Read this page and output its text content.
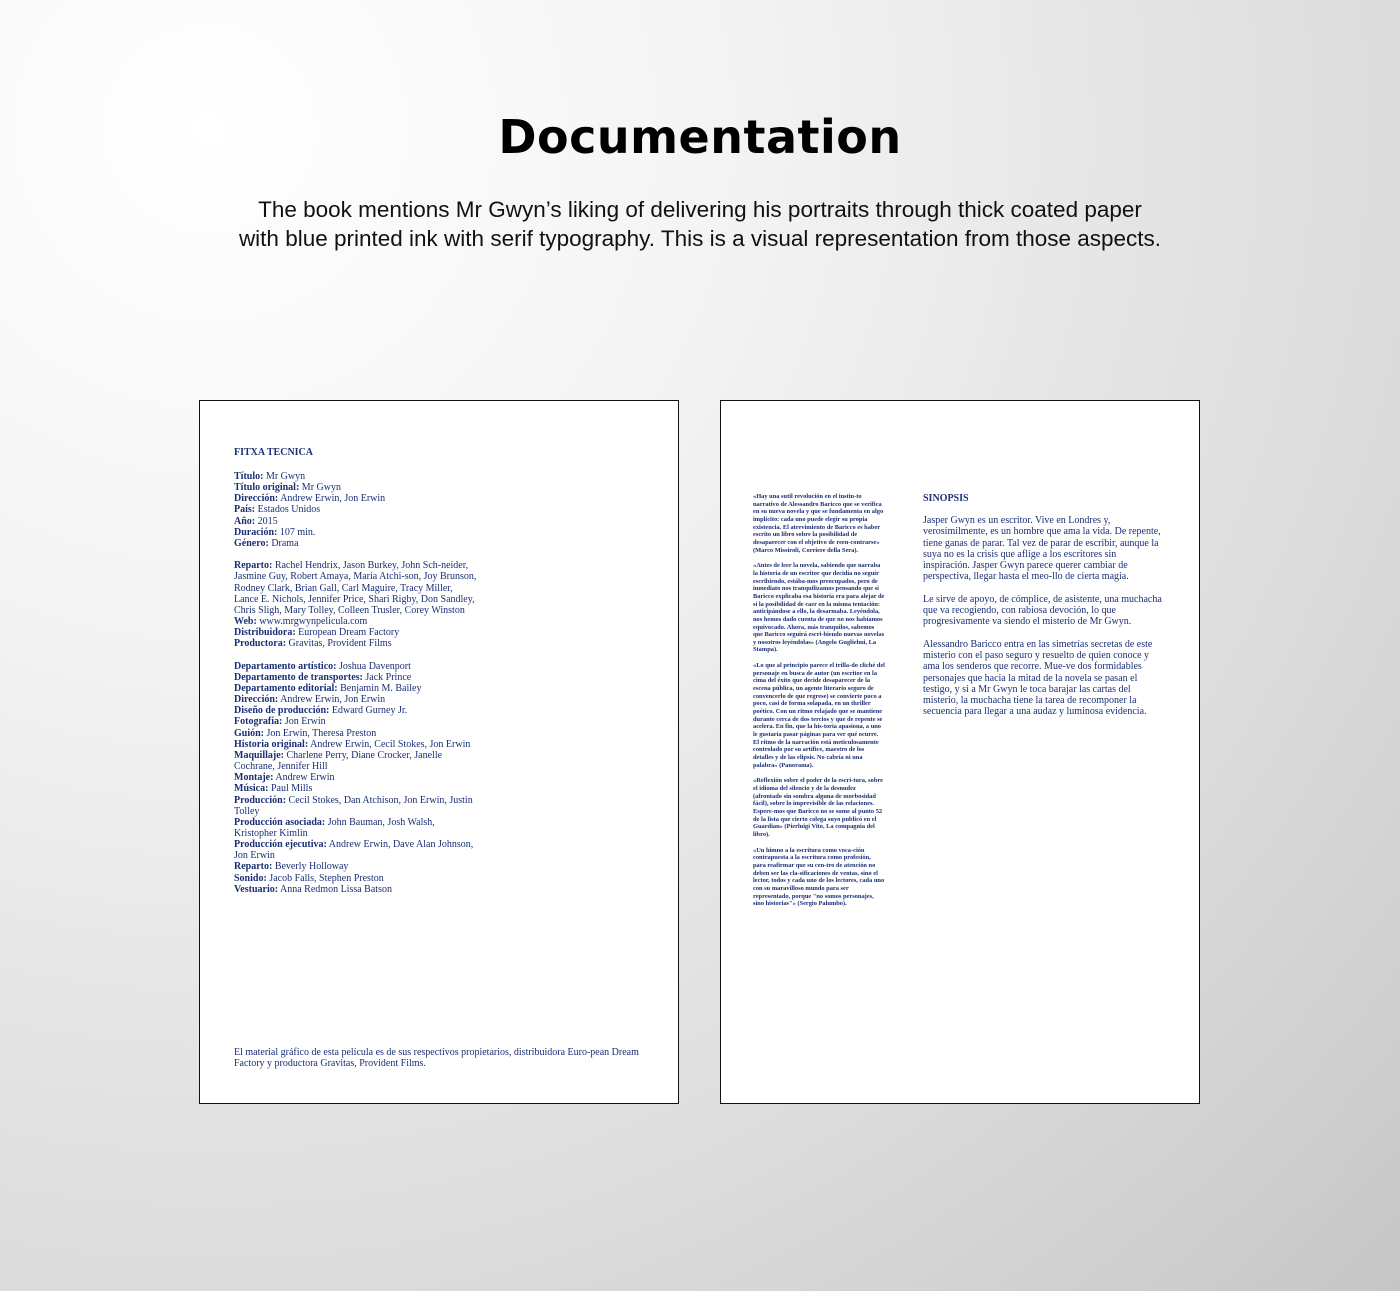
Documentation
The book mentions Mr Gwyn’s liking of delivering his portraits through thick coated paper
with blue printed ink with serif typography. This is a visual representation from those aspects.
FITXA TECNICA
Título: Mr Gwyn
Título original: Mr Gwyn
Dirección: Andrew Erwin, Jon Erwin
País: Estados Unidos
Año: 2015
Duración: 107 min.
Género: Drama
Reparto: Rachel Hendrix, Jason Burkey, John Sch-neider, Jasmine Guy, Robert Amaya, Maria Atchi-son, Joy Brunson, Rodney Clark, Brian Gall, Carl Maguire, Tracy Miller, Lance E. Nichols, Jennifer Price, Shari Rigby, Don Sandley, Chris Sligh, Mary Tolley, Colleen Trusler, Corey Winston
Web: www.mrgwynpelicula.com
Distribuidora: European Dream Factory
Productora: Gravitas, Provident Films
Departamento artístico: Joshua Davenport
Departamento de transportes: Jack Prince
Departamento editorial: Benjamin M. Bailey
Dirección: Andrew Erwin, Jon Erwin
Diseño de producción: Edward Gurney Jr.
Fotografía: Jon Erwin
Guión: Jon Erwin, Theresa Preston
Historia original: Andrew Erwin, Cecil Stokes, Jon Erwin
Maquillaje: Charlene Perry, Diane Crocker, Janelle Cochrane, Jennifer Hill
Montaje: Andrew Erwin
Música: Paul Mills
Producción: Cecil Stokes, Dan Atchison, Jon Erwin, Justin Tolley
Producción asociada: John Bauman, Josh Walsh, Kristopher Kimlin
Producción ejecutiva: Andrew Erwin, Dave Alan Johnson, Jon Erwin
Reparto: Beverly Holloway
Sonido: Jacob Falls, Stephen Preston
Vestuario: Anna Redmon Lissa Batson
El material gráfico de esta película es de sus respectivos propietarios, distribuidora Euro-pean Dream Factory y productora Gravitas, Provident Films.

«Hay una sutil revolución en el instin-to narrativo de Alessandro Baricco que se verifica en su nueva novela y que se fundamenta en algo implícito: cada uno puede elegir su propia existencia. El atrevimiento de Baricco es haber escrito un libro sobre la posibilidad de desaparecer con el objetivo de reen-contrarse» (Marco Missiroli, Corriere della Sera).

«Antes de leer la novela, sabiendo que narraba la historia de un escritor que decidía no seguir escribiendo, estába-mos preocupados, pero de inmediato nos tranquilizamos pensando que si Baricco explicaba esa historia era para alejar de sí la posibilidad de caer en la misma tentación: anticipándose a ello, la desarmaba. Leyéndola, nos hemos dado cuenta de que no nos habíamos equivocado. Ahora, más tranquilos, sabemos que Baricco seguirá escri-biendo nuevas novelas y nosotros leyéndolas» (Angelo Guglielmi, La Stampa).

«Lo que al principio parece el trilla-do cliché del personaje en busca de autor (un escritor en la cima del éxito que decide desaparecer de la escena pública, un agente literario seguro de convencerlo de que regrese) se convierte poco a poco, casi de forma solapada, en un thriller poético. Con un ritmo relajado que se mantiene durante cerca de dos tercios y que de repente se acelera. En fin, que la his-toria apasiona, a uno le gustaría pasar páginas para ver qué ocurre. El ritmo de la narración está meticulosamente controlado por su artífice, maestro de los detalles y de las elipsis. No cabría ni una palabra» (Panorama).

«Reflexión sobre el poder de la escri-tura, sobre el idioma del silencio y de la desnudez (afrontado sin sombra alguna de morbosidad fácil), sobre lo imprevisible de las relaciones. Espere-mos que Baricco no se sume al punto 52 de la lista que cierto colega suyo publicó en el Guardian» (Pierluigi Vito, La compagnia del libro).

«Un himno a la escritura como voca-ción contrapuesta a la escritura como profesión, para reafirmar que su cen-tro de atención no deben ser las cla-sificaciones de ventas, sino el lector, todos y cada uno de los lectores, cada uno con su maravilloso mundo para ser representado, porque "no somos personajes, sino historias"» (Sergio Palumbo).

SINOPSIS

Jasper Gwyn es un escritor. Vive en Londres y, verosímilmente, es un hombre que ama la vida. De repente, tiene ganas de parar. Tal vez de parar de escribir, aunque la suya no es la crisis que aflige a los escritores sin inspiración. Jasper Gwyn parece querer cambiar de perspectiva, llegar hasta el meo-llo de cierta magia.

Le sirve de apoyo, de cómplice, de asistente, una muchacha que va recogiendo, con rabiosa devoción, lo que progresivamente va siendo el misterio de Mr Gwyn.

Alessandro Baricco entra en las simetrías secretas de este misterio con el paso seguro y resuelto de quien conoce y ama los senderos que recorre. Mue-ve dos formidables personajes que hacia la mitad de la novela se pasan el testigo, y si a Mr Gwyn le toca barajar las cartas del misterio, la muchacha tiene la tarea de recomponer la secuencia para llegar a una audaz y luminosa evidencia.
